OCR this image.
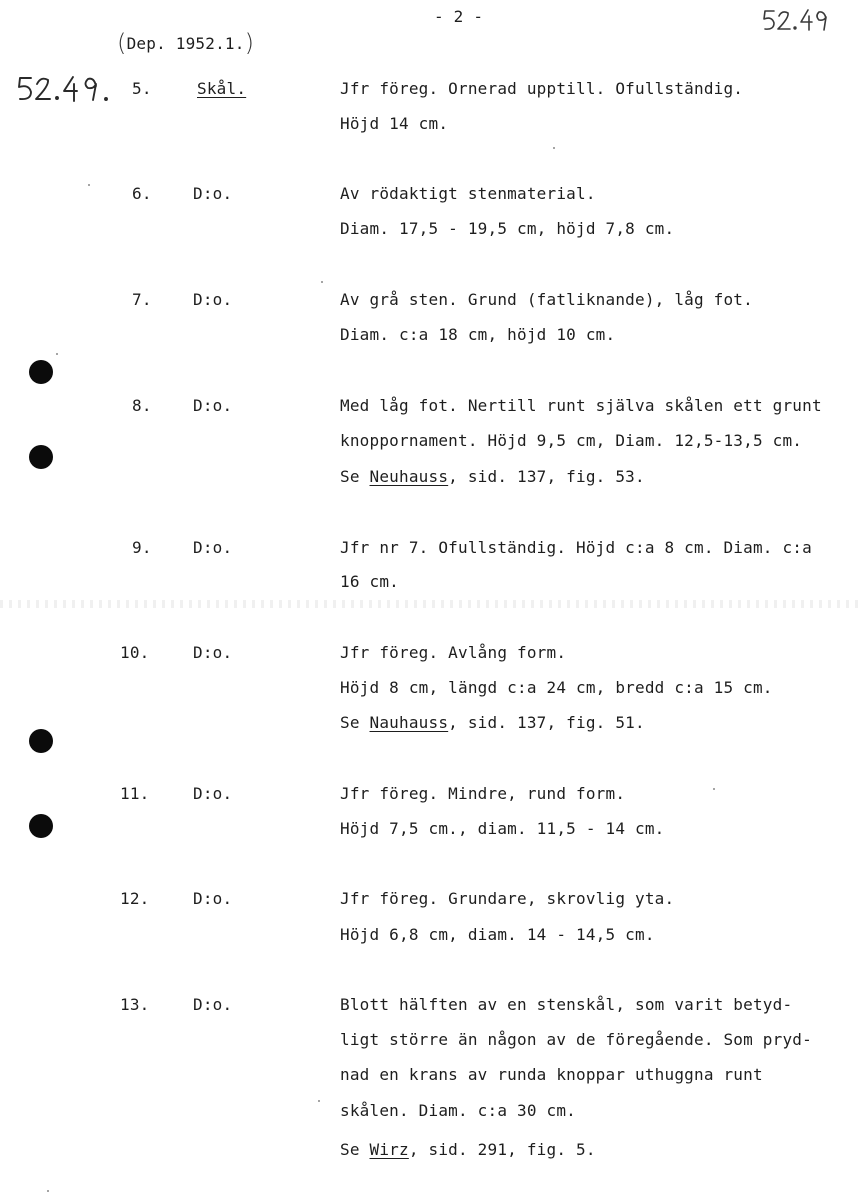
(Dep. 1952.1.)
- 2 -
5.	Skål.	Jfr föreg. Ornerad upptill. Ofullständig.
Höjd 14 cm.
6.	D:o.	Av rödaktigt stenmaterial.
Diam. 17,5 - 19,5 cm, höjd 7,8 cm.
7.	D:o.	Av grå sten. Grund (fatliknande), låg fot.
Diam. c:a 18 cm, höjd 10 cm.
8.	D:o.	Med låg fot. Nertill runt själva skålen ett grunt
knoppornament. Höjd 9,5 cm, Diam. 12,5-13,5 cm.
Se Neuhauss, sid. 137, fig. 53.
9.	D:o.	Jfr nr 7. Ofullständig. Höjd c:a 8 cm. Diam. c:a
16 cm.
10.	D:o.	Jfr föreg. Avlång form.
Höjd 8 cm, längd c:a 24 cm, bredd c:a 15 cm.
Se Nauhauss, sid. 137, fig. 51.
11.	D:o.	Jfr föreg. Mindre, rund form.
Höjd 7,5 cm., diam. 11,5 - 14 cm.
12.	D:o.	Jfr föreg. Grundare, skrovlig yta.
Höjd 6,8 cm, diam. 14 - 14,5 cm.
13.	D:o.	Blott hälften av en stenskål, som varit betyd-
ligt större än någon av de föregående. Som pryd-
nad en krans av runda knoppar uthuggna runt
skålen. Diam. c:a 30 cm.
Se Wirz, sid. 291, fig. 5.
